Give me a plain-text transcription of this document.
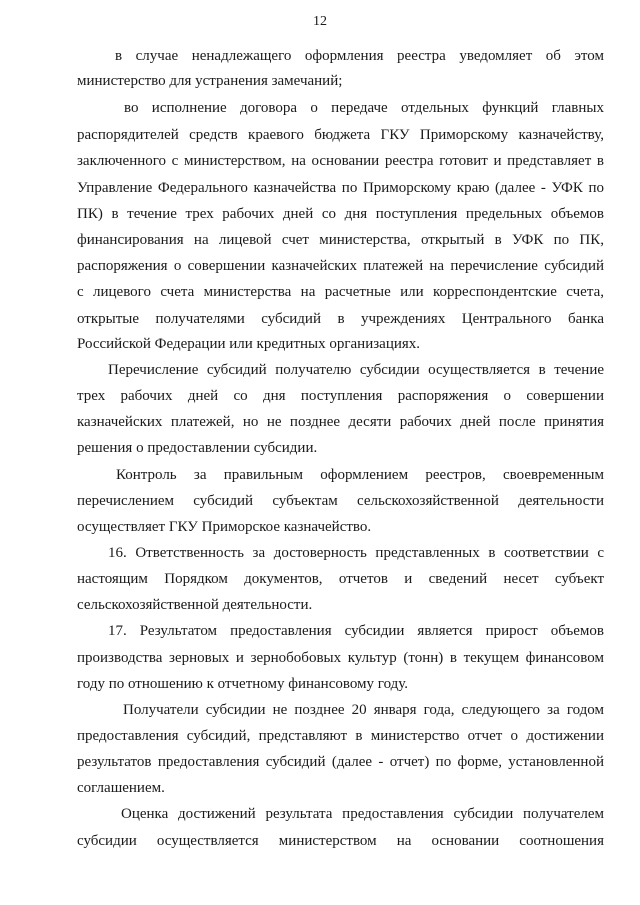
12
в случае ненадлежащего оформления реестра уведомляет об этом
министерство для устранения замечаний;
во исполнение договора о передаче отдельных функций главных
распорядителей средств краевого бюджета ГКУ Приморскому казначейству,
заключенного с министерством, на основании реестра готовит и представляет в
Управление Федерального казначейства по Приморскому краю (далее - УФК по
ПК) в течение трех рабочих дней со дня поступления предельных объемов
финансирования на лицевой счет министерства, открытый в УФК по ПК,
распоряжения о совершении казначейских платежей на перечисление субсидий
с лицевого счета министерства на расчетные или корреспондентские счета,
открытые получателями субсидий в учреждениях Центрального банка
Российской Федерации или кредитных организациях.
Перечисление субсидий получателю субсидии осуществляется в течение
трех рабочих дней со дня поступления распоряжения о совершении
казначейских платежей, но не позднее десяти рабочих дней после принятия
решения о предоставлении субсидии.
Контроль за правильным оформлением реестров, своевременным
перечислением субсидий субъектам сельскохозяйственной деятельности
осуществляет ГКУ Приморское казначейство.
16. Ответственность за достоверность представленных в соответствии с
настоящим Порядком документов, отчетов и сведений несет субъект
сельскохозяйственной деятельности.
17. Результатом предоставления субсидии является прирост объемов
производства зерновых и зернобобовых культур (тонн) в текущем финансовом
году по отношению к отчетному финансовому году.
Получатели субсидии не позднее 20 января года, следующего за годом
предоставления субсидий, представляют в министерство отчет о достижении
результатов предоставления субсидий (далее - отчет) по форме, установленной
соглашением.
Оценка достижений результата предоставления субсидии получателем
субсидии осуществляется министерством на основании соотношения
